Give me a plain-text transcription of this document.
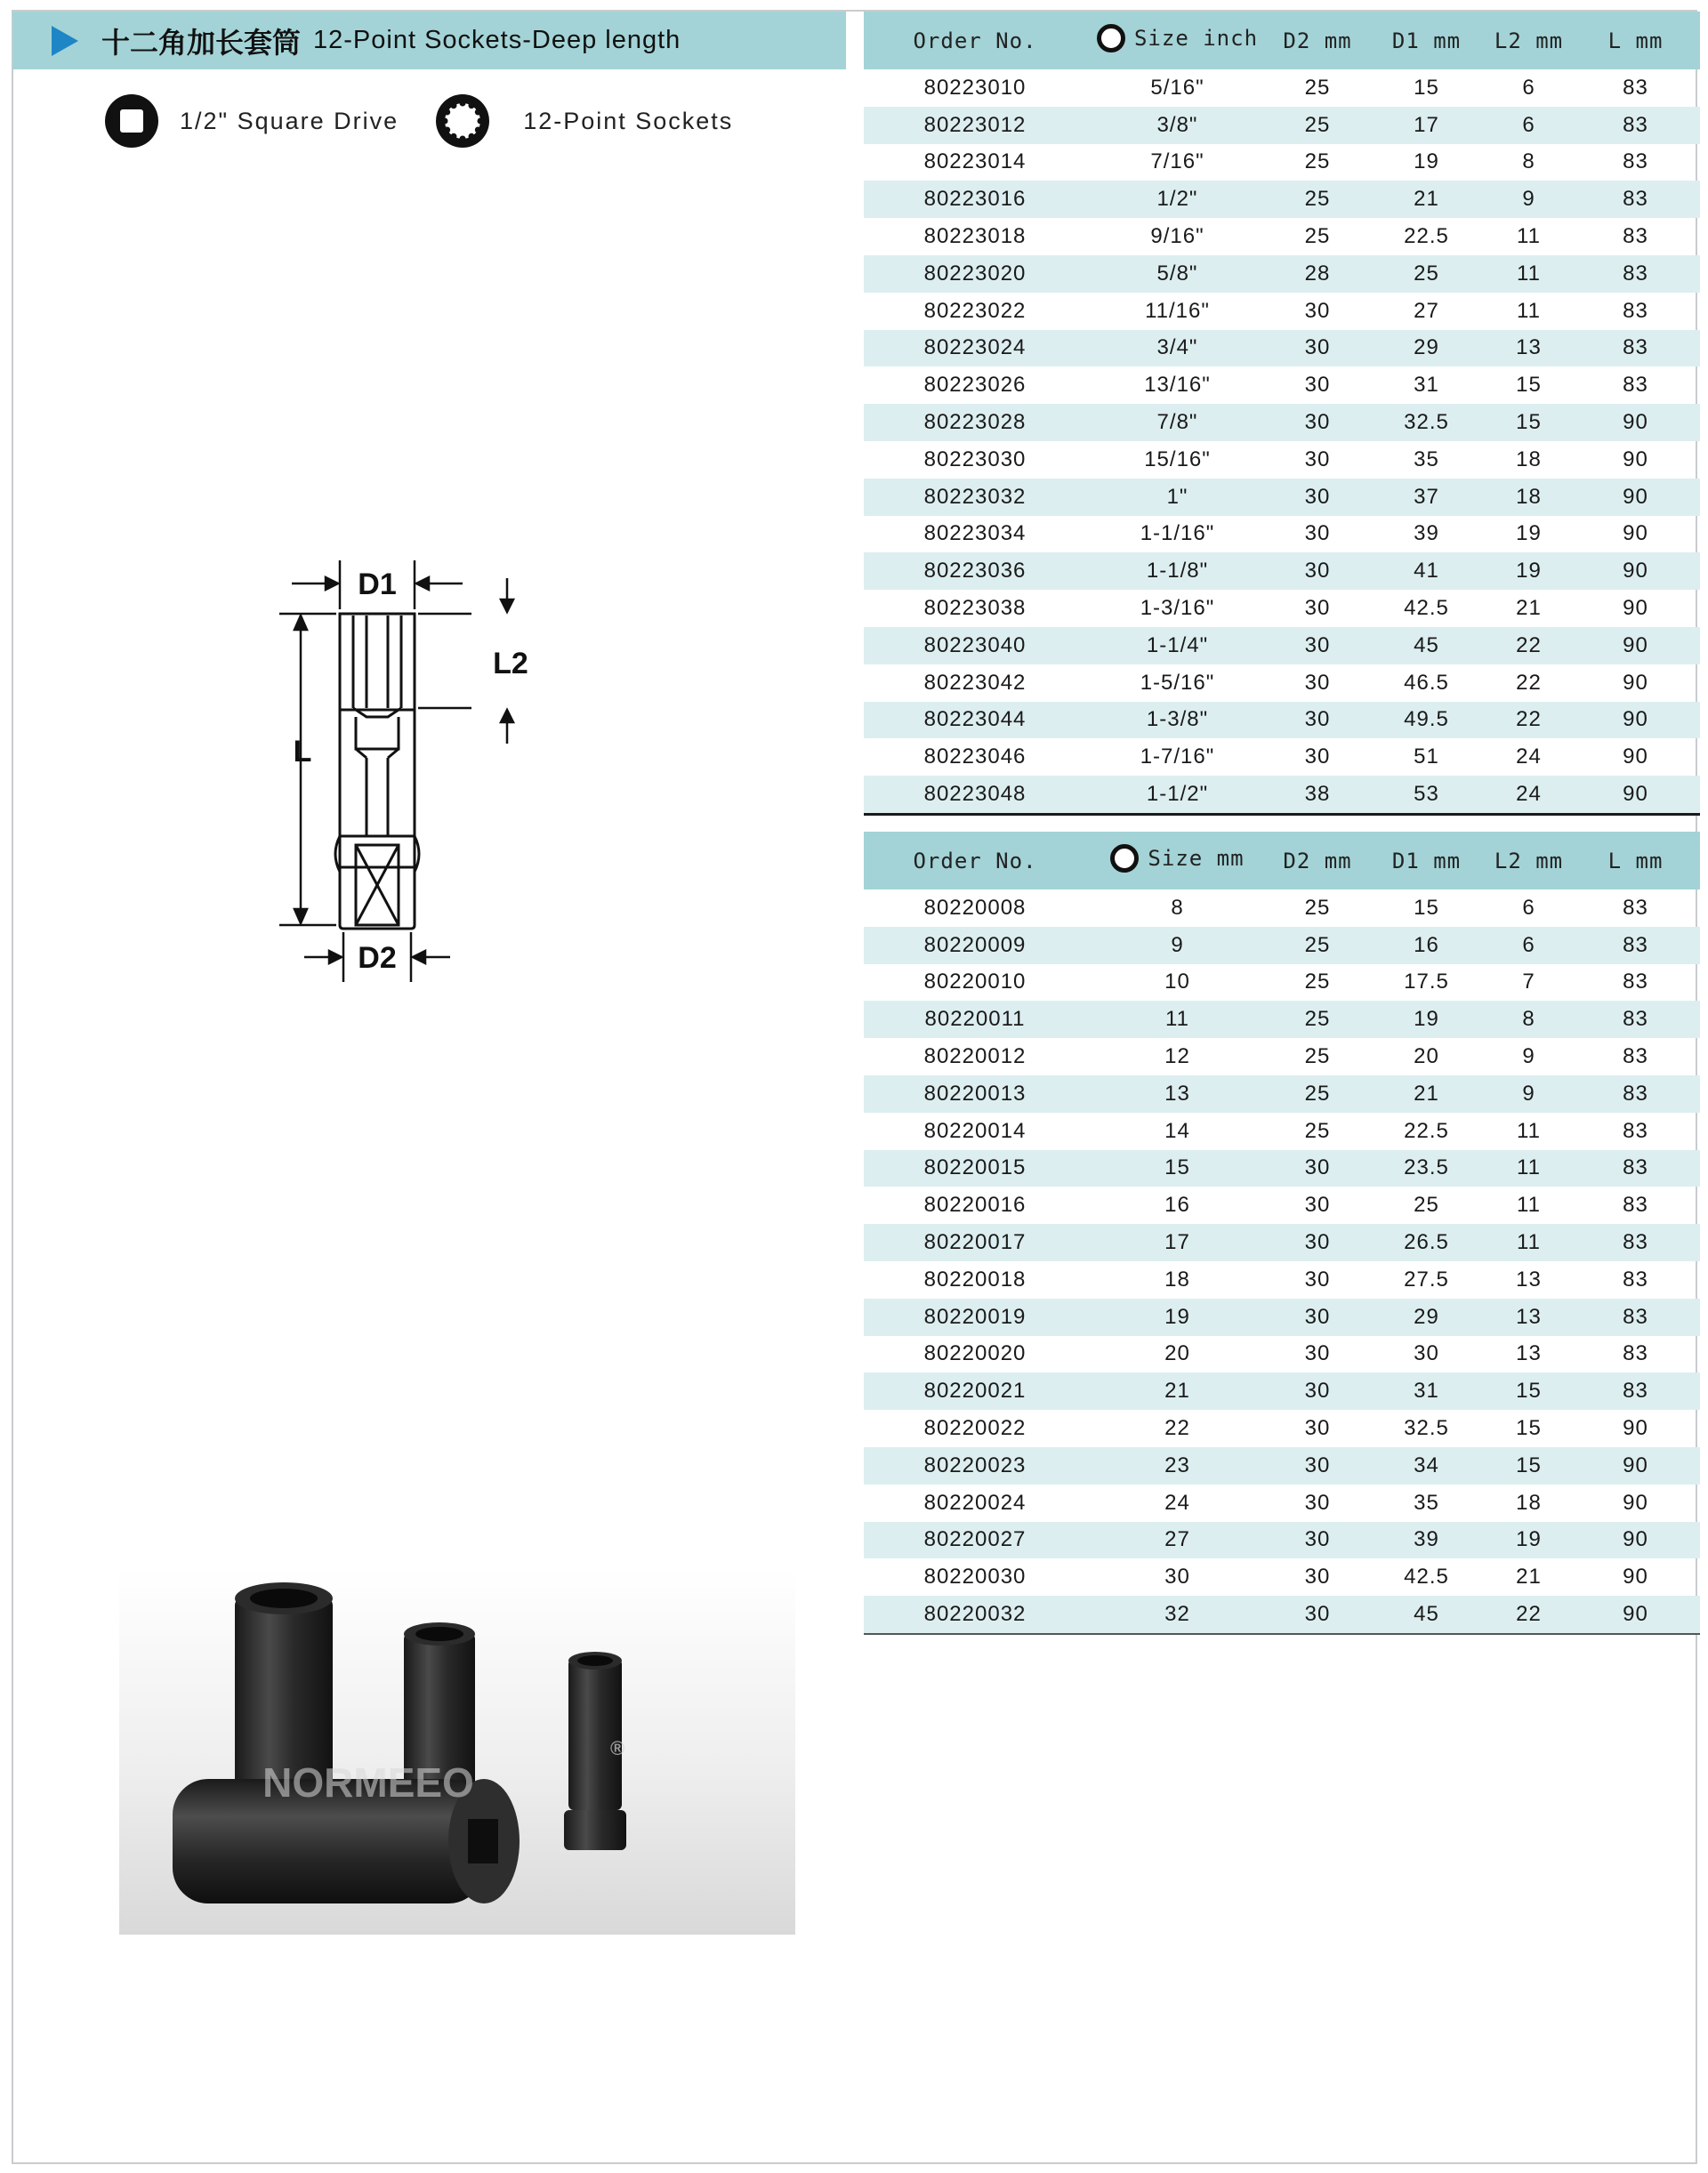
十二角加长套筒 12-Point Sockets-Deep length
1/2" Square Drive	12-Point Sockets
D1
L2
L
D2
NORMEEO
®
Order No.	Size inch	D2 mm	D1 mm	L2 mm	L mm
80223010	5/16"	25	15	6	83
80223012	3/8"	25	17	6	83
80223014	7/16"	25	19	8	83
80223016	1/2"	25	21	9	83
80223018	9/16"	25	22.5	11	83
80223020	5/8"	28	25	11	83
80223022	11/16"	30	27	11	83
80223024	3/4"	30	29	13	83
80223026	13/16"	30	31	15	83
80223028	7/8"	30	32.5	15	90
80223030	15/16"	30	35	18	90
80223032	1"	30	37	18	90
80223034	1-1/16"	30	39	19	90
80223036	1-1/8"	30	41	19	90
80223038	1-3/16"	30	42.5	21	90
80223040	1-1/4"	30	45	22	90
80223042	1-5/16"	30	46.5	22	90
80223044	1-3/8"	30	49.5	22	90
80223046	1-7/16"	30	51	24	90
80223048	1-1/2"	38	53	24	90
Order No.	Size mm	D2 mm	D1 mm	L2 mm	L mm
80220008	8	25	15	6	83
80220009	9	25	16	6	83
80220010	10	25	17.5	7	83
80220011	11	25	19	8	83
80220012	12	25	20	9	83
80220013	13	25	21	9	83
80220014	14	25	22.5	11	83
80220015	15	30	23.5	11	83
80220016	16	30	25	11	83
80220017	17	30	26.5	11	83
80220018	18	30	27.5	13	83
80220019	19	30	29	13	83
80220020	20	30	30	13	83
80220021	21	30	31	15	83
80220022	22	30	32.5	15	90
80220023	23	30	34	15	90
80220024	24	30	35	18	90
80220027	27	30	39	19	90
80220030	30	30	42.5	21	90
80220032	32	30	45	22	90
